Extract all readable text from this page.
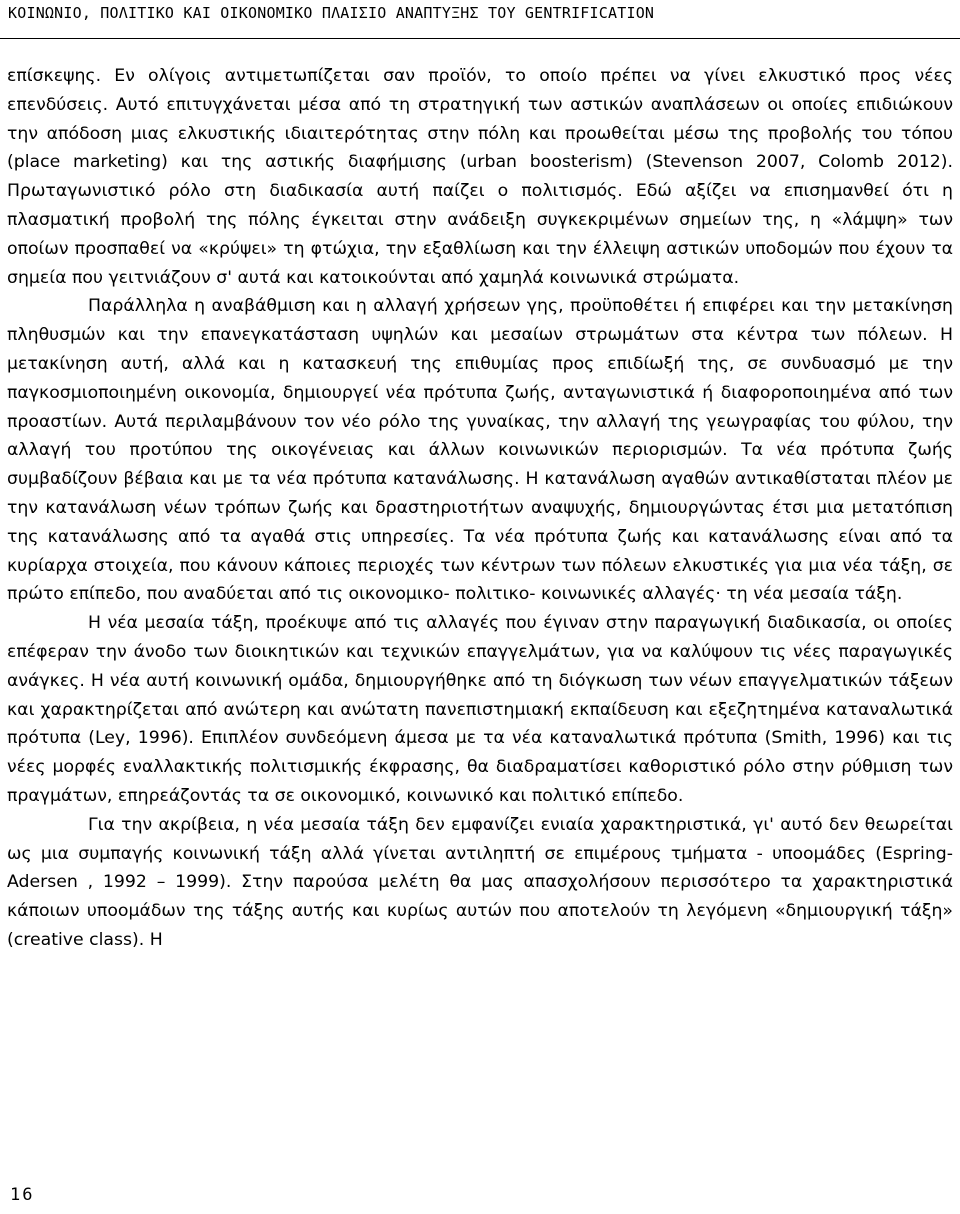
ΚΟΙΝΩΝΙΟ, ΠΟΛΙΤΙΚΟ ΚΑΙ ΟΙΚΟΝΟΜΙΚΟ ΠΛΑΙΣΙΟ ΑΝΑΠΤΥΞΗΣ ΤΟΥ GENTRIFICATION

επίσκεψης. Εν ολίγοις αντιμετωπίζεται σαν προϊόν, το οποίο πρέπει να γίνει ελκυστικό προς νέες επενδύσεις. Αυτό επιτυγχάνεται μέσα από τη στρατηγική των αστικών αναπλάσεων οι οποίες επιδιώκουν την απόδοση μιας ελκυστικής ιδιαιτερότητας στην πόλη και προωθείται μέσω της προβολής του τόπου (place marketing) και της αστικής διαφήμισης (urban boosterism) (Stevenson 2007, Colomb 2012). Πρωταγωνιστικό ρόλο στη διαδικασία αυτή παίζει ο πολιτισμός. Εδώ αξίζει να επισημανθεί ότι η πλασματική προβολή της πόλης έγκειται στην ανάδειξη συγκεκριμένων σημείων της, η «λάμψη» των οποίων προσπαθεί να «κρύψει» τη φτώχια, την εξαθλίωση και την έλλειψη αστικών υποδομών που έχουν τα σημεία που γειτνιάζουν σ' αυτά και κατοικούνται από χαμηλά κοινωνικά στρώματα.

Παράλληλα η αναβάθμιση και η αλλαγή χρήσεων γης, προϋποθέτει ή επιφέρει και την μετακίνηση πληθυσμών και την επανεγκατάσταση υψηλών και μεσαίων στρωμάτων στα κέντρα των πόλεων. Η μετακίνηση αυτή, αλλά και η κατασκευή της επιθυμίας προς επιδίωξή της, σε συνδυασμό με την παγκοσμιοποιημένη οικονομία, δημιουργεί νέα πρότυπα ζωής, ανταγωνιστικά ή διαφοροποιημένα από των προαστίων. Αυτά περιλαμβάνουν τον νέο ρόλο της γυναίκας, την αλλαγή της γεωγραφίας του φύλου, την αλλαγή του προτύπου της οικογένειας και άλλων κοινωνικών περιορισμών. Τα νέα πρότυπα ζωής συμβαδίζουν βέβαια και με τα νέα πρότυπα κατανάλωσης. Η κατανάλωση αγαθών αντικαθίσταται πλέον με την κατανάλωση νέων τρόπων ζωής και δραστηριοτήτων αναψυχής, δημιουργώντας έτσι μια μετατόπιση της κατανάλωσης από τα αγαθά στις υπηρεσίες. Τα νέα πρότυπα ζωής και κατανάλωσης είναι από τα κυρίαρχα στοιχεία, που κάνουν κάποιες περιοχές των κέντρων των πόλεων ελκυστικές για μια νέα τάξη, σε πρώτο επίπεδο, που αναδύεται από τις οικονομικο- πολιτικο- κοινωνικές αλλαγές· τη νέα μεσαία τάξη.

Η νέα μεσαία τάξη, προέκυψε από τις αλλαγές που έγιναν στην παραγωγική διαδικασία, οι οποίες επέφεραν την άνοδο των διοικητικών και τεχνικών επαγγελμάτων, για να καλύψουν τις νέες παραγωγικές ανάγκες. Η νέα αυτή κοινωνική ομάδα, δημιουργήθηκε από τη διόγκωση των νέων επαγγελματικών τάξεων και χαρακτηρίζεται από ανώτερη και ανώτατη πανεπιστημιακή εκπαίδευση και εξεζητημένα καταναλωτικά πρότυπα (Ley, 1996). Επιπλέον συνδεόμενη άμεσα με τα νέα καταναλωτικά πρότυπα (Smith, 1996) και τις νέες μορφές εναλλακτικής πολιτισμικής έκφρασης, θα διαδραματίσει καθοριστικό ρόλο στην ρύθμιση των πραγμάτων, επηρεάζοντάς τα σε οικονομικό, κοινωνικό και πολιτικό επίπεδο.

Για την ακρίβεια, η νέα μεσαία τάξη δεν εμφανίζει ενιαία χαρακτηριστικά, γι' αυτό δεν θεωρείται ως μια συμπαγής κοινωνική τάξη αλλά γίνεται αντιληπτή σε επιμέρους τμήματα - υποομάδες (Espring-Adersen , 1992 – 1999). Στην παρούσα μελέτη θα μας απασχολήσουν περισσότερο τα χαρακτηριστικά κάποιων υποομάδων της τάξης αυτής και κυρίως αυτών που αποτελούν τη λεγόμενη «δημιουργική τάξη» (creative class). Η

16
